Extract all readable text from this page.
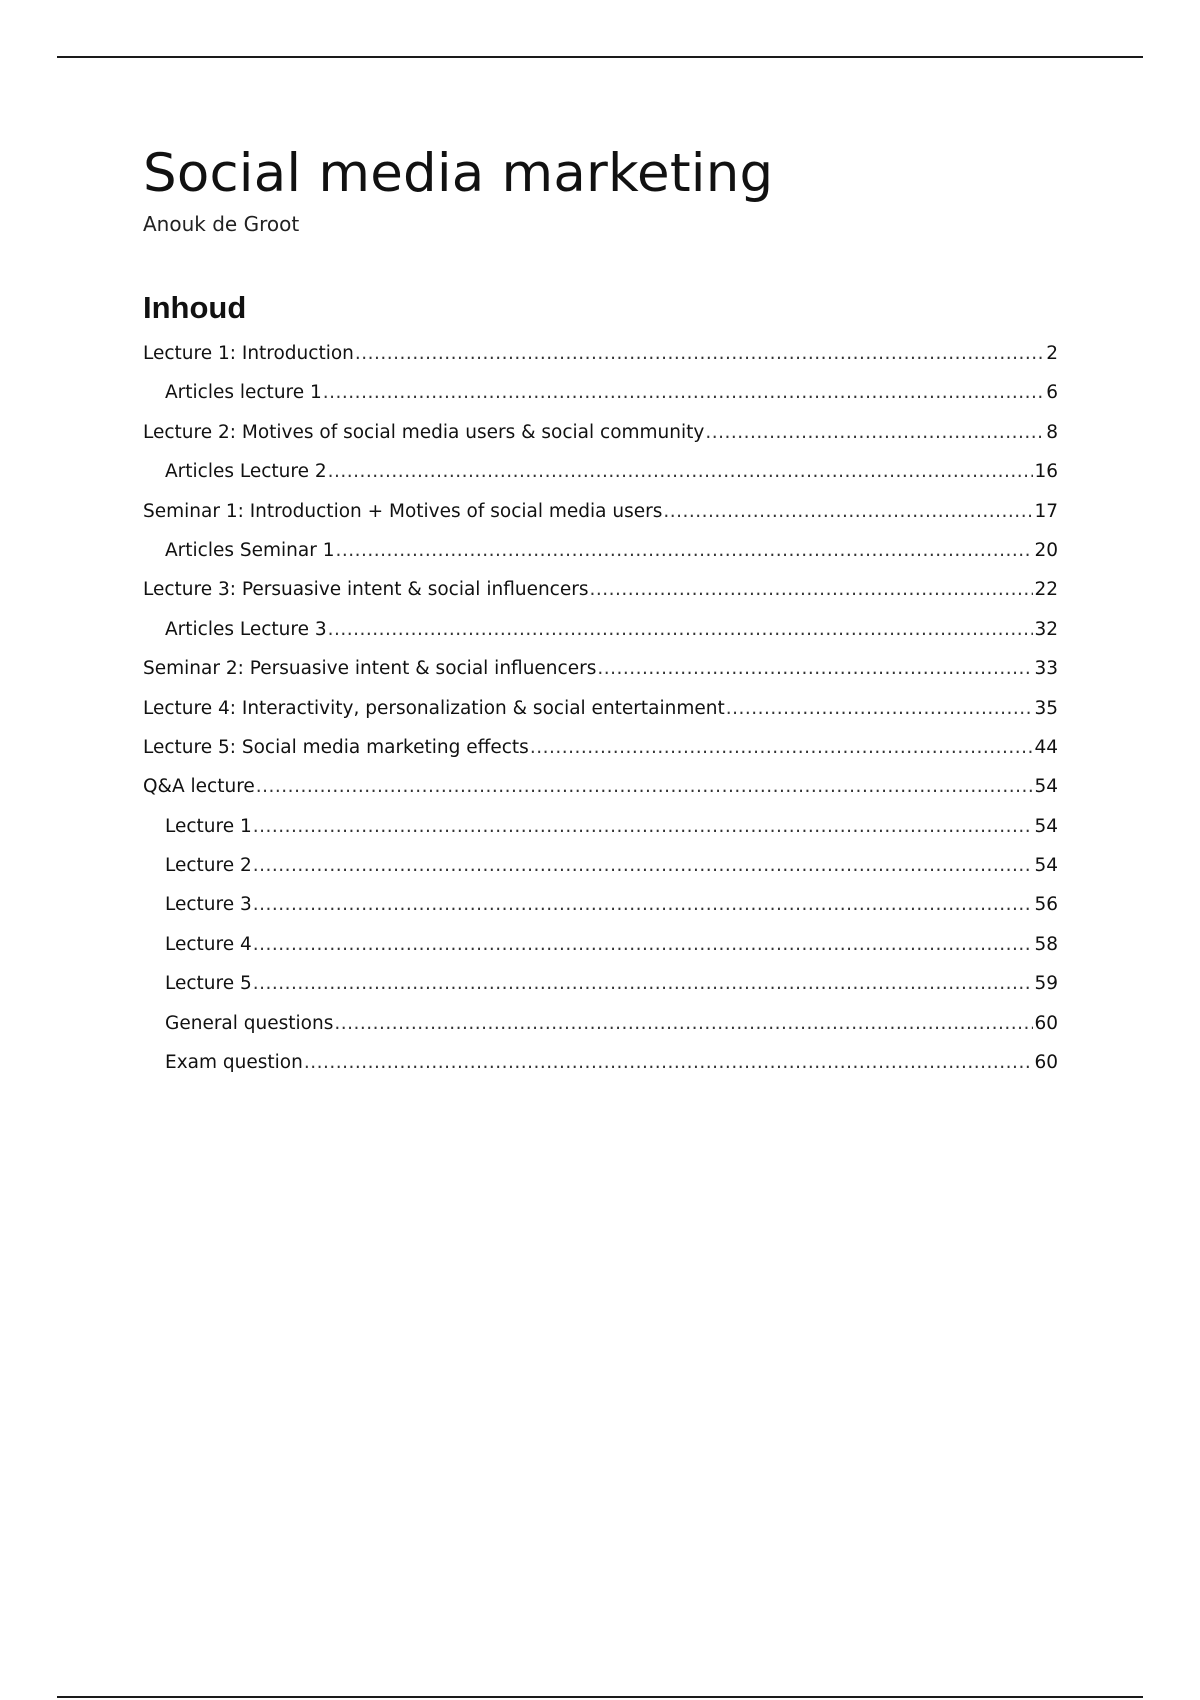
Social media marketing
Anouk de Groot
Inhoud
Lecture 1: Introduction .....	2
Articles lecture 1 .....	6
Lecture 2: Motives of social media users & social community .....	8
Articles Lecture 2 .....	16
Seminar 1: Introduction + Motives of social media users .....	17
Articles Seminar 1 .....	20
Lecture 3: Persuasive intent & social influencers .....	22
Articles Lecture 3 .....	32
Seminar 2: Persuasive intent & social influencers .....	33
Lecture 4: Interactivity, personalization & social entertainment .....	35
Lecture 5: Social media marketing effects .....	44
Q&A lecture .....	54
Lecture 1 .....	54
Lecture 2 .....	54
Lecture 3 .....	56
Lecture 4 .....	58
Lecture 5 .....	59
General questions .....	60
Exam question .....	60
